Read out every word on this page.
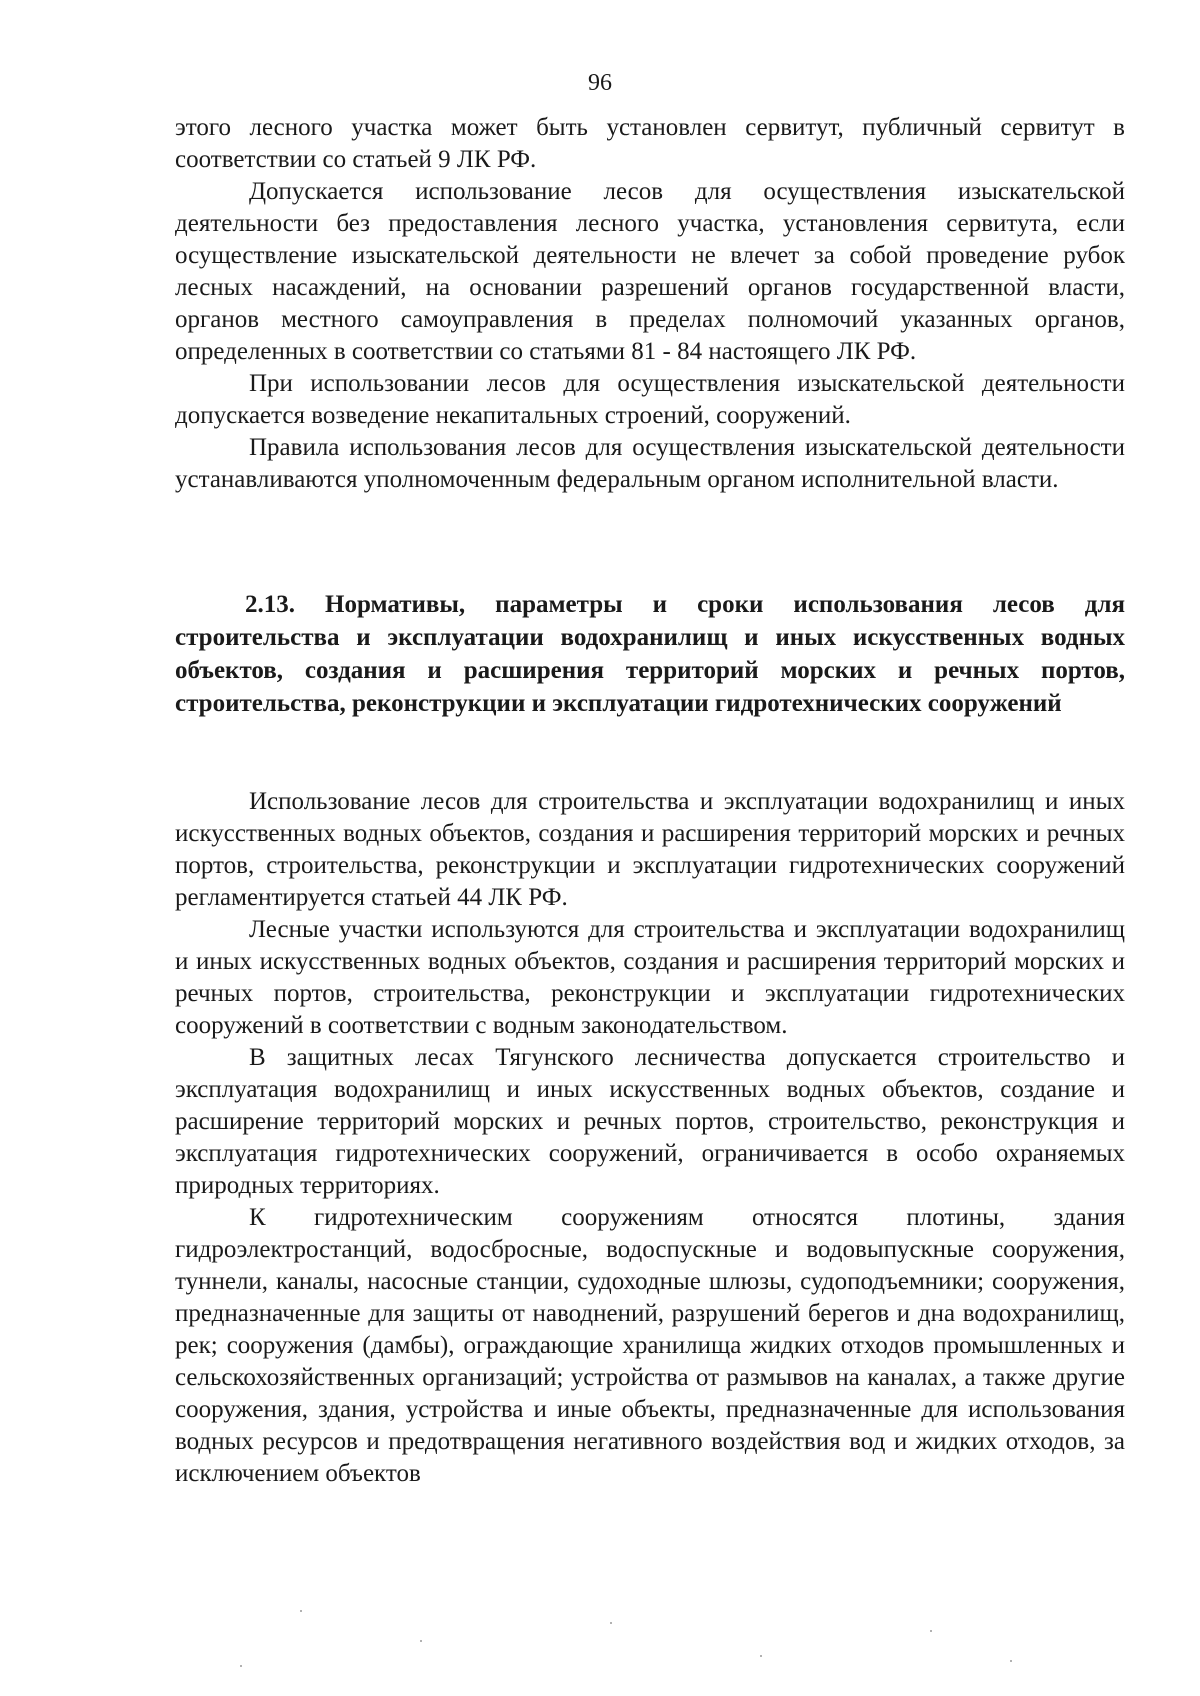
96

этого лесного участка может быть установлен сервитут, публичный сервитут в соответствии со статьей 9 ЛК РФ.

Допускается использование лесов для осуществления изыскательской деятельности без предоставления лесного участка, установления сервитута, если осуществление изыскательской деятельности не влечет за собой проведение рубок лесных насаждений, на основании разрешений органов государственной власти, органов местного самоуправления в пределах полномочий указанных органов, определенных в соответствии со статьями 81 - 84 настоящего ЛК РФ.

При использовании лесов для осуществления изыскательской деятельности допускается возведение некапитальных строений, сооружений.

Правила использования лесов для осуществления изыскательской деятельности устанавливаются уполномоченным федеральным органом исполнительной власти.

2.13. Нормативы, параметры и сроки использования лесов для строительства и эксплуатации водохранилищ и иных искусственных водных объектов, создания и расширения территорий морских и речных портов, строительства, реконструкции и эксплуатации гидротехнических сооружений

Использование лесов для строительства и эксплуатации водохранилищ и иных искусственных водных объектов, создания и расширения территорий морских и речных портов, строительства, реконструкции и эксплуатации гидротехнических сооружений регламентируется статьей 44 ЛК РФ.

Лесные участки используются для строительства и эксплуатации водохранилищ и иных искусственных водных объектов, создания и расширения территорий морских и речных портов, строительства, реконструкции и эксплуатации гидротехнических сооружений в соответствии с водным законодательством.

В защитных лесах Тягунского лесничества допускается строительство и эксплуатация водохранилищ и иных искусственных водных объектов, создание и расширение территорий морских и речных портов, строительство, реконструкция и эксплуатация гидротехнических сооружений, ограничивается в особо охраняемых природных территориях.

К гидротехническим сооружениям относятся плотины, здания гидроэлектростанций, водосбросные, водоспускные и водовыпускные сооружения, туннели, каналы, насосные станции, судоходные шлюзы, судоподъемники; сооружения, предназначенные для защиты от наводнений, разрушений берегов и дна водохранилищ, рек; сооружения (дамбы), ограждающие хранилища жидких отходов промышленных и сельскохозяйственных организаций; устройства от размывов на каналах, а также другие сооружения, здания, устройства и иные объекты, предназначенные для использования водных ресурсов и предотвращения негативного воздействия вод и жидких отходов, за исключением объектов
